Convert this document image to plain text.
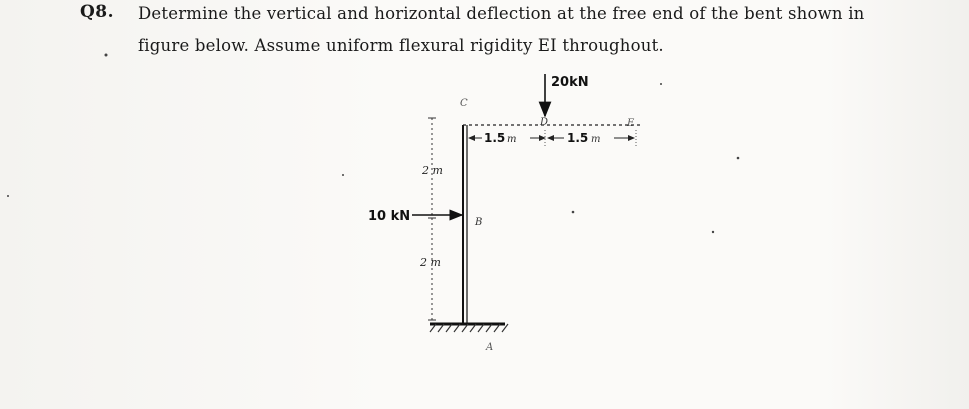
Q8. Determine the vertical and horizontal deflection at the free end of the bent shown in
figure below. Assume uniform flexural rigidity EI throughout.
2 m
2 m
10 kN	B
A
C
20kN
D	E
1.5 m	1.5 m
